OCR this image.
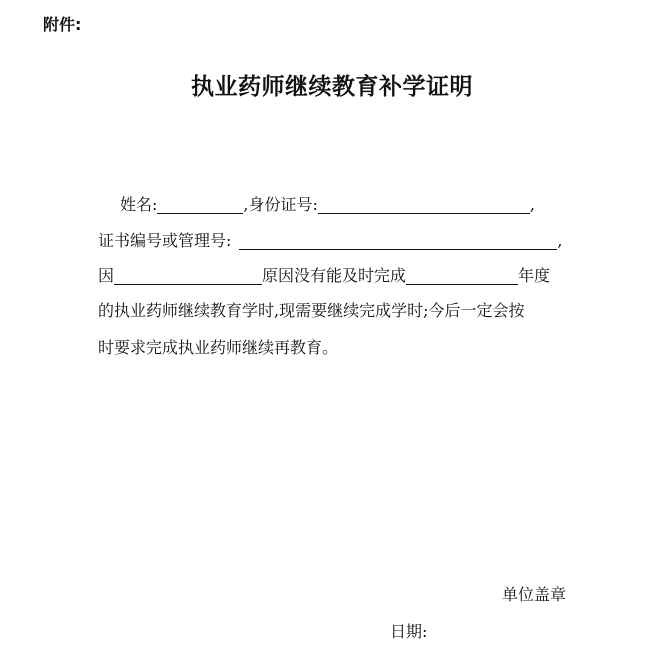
附件:
执业药师继续教育补学证明
姓名:	,身份证号:	,
证书编号或管理号:	,
因	原因没有能及时完成	年度
的执业药师继续教育学时,现需要继续完成学时;今后一定会按
时要求完成执业药师继续再教育。
单位盖章
日期:
